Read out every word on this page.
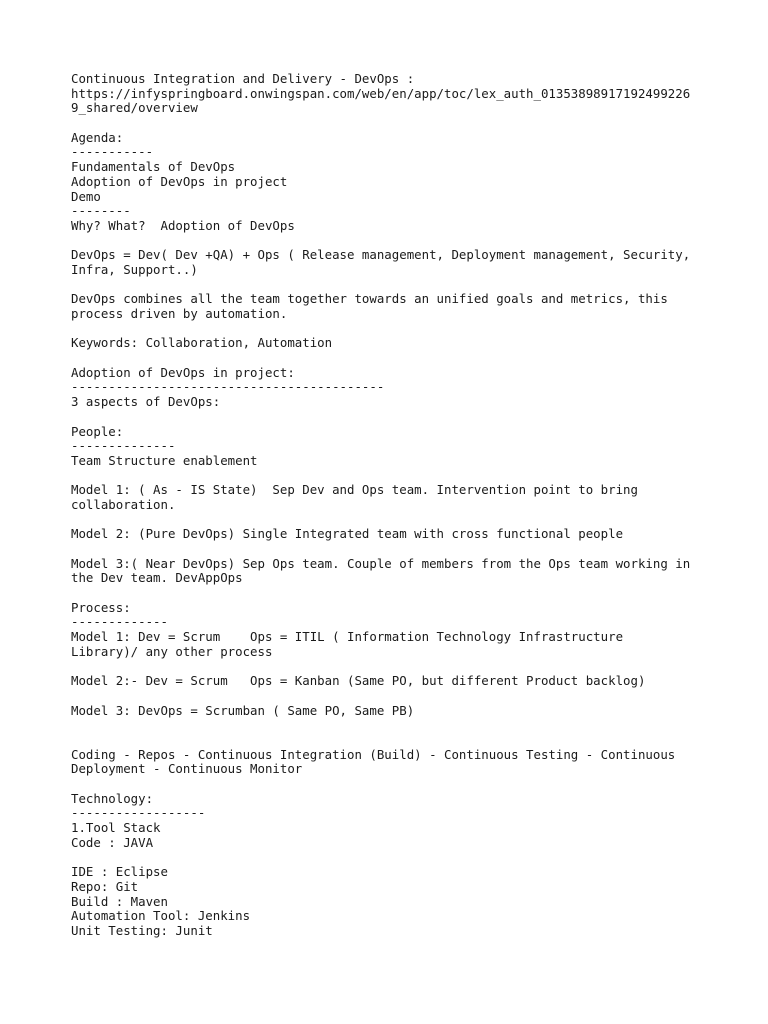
Continuous Integration and Delivery - DevOps :
https://infyspringboard.onwingspan.com/web/en/app/toc/lex_auth_01353898917192499226
9_shared/overview
Agenda:
-----------
Fundamentals of DevOps
Adoption of DevOps in project
Demo
--------
Why? What?  Adoption of DevOps
DevOps = Dev( Dev +QA) + Ops ( Release management, Deployment management, Security,
Infra, Support..)
DevOps combines all the team together towards an unified goals and metrics, this
process driven by automation.
Keywords: Collaboration, Automation
Adoption of DevOps in project:
------------------------------------------
3 aspects of DevOps:
People:
--------------
Team Structure enablement
Model 1: ( As - IS State)  Sep Dev and Ops team. Intervention point to bring
collaboration.
Model 2: (Pure DevOps) Single Integrated team with cross functional people
Model 3:( Near DevOps) Sep Ops team. Couple of members from the Ops team working in
the Dev team. DevAppOps
Process:
-------------
Model 1: Dev = Scrum    Ops = ITIL ( Information Technology Infrastructure
Library)/ any other process
Model 2:- Dev = Scrum   Ops = Kanban (Same PO, but different Product backlog)
Model 3: DevOps = Scrumban ( Same PO, Same PB)
Coding - Repos - Continuous Integration (Build) - Continuous Testing - Continuous
Deployment - Continuous Monitor
Technology:
------------------
1.Tool Stack
Code : JAVA
IDE : Eclipse
Repo: Git
Build : Maven
Automation Tool: Jenkins
Unit Testing: Junit
